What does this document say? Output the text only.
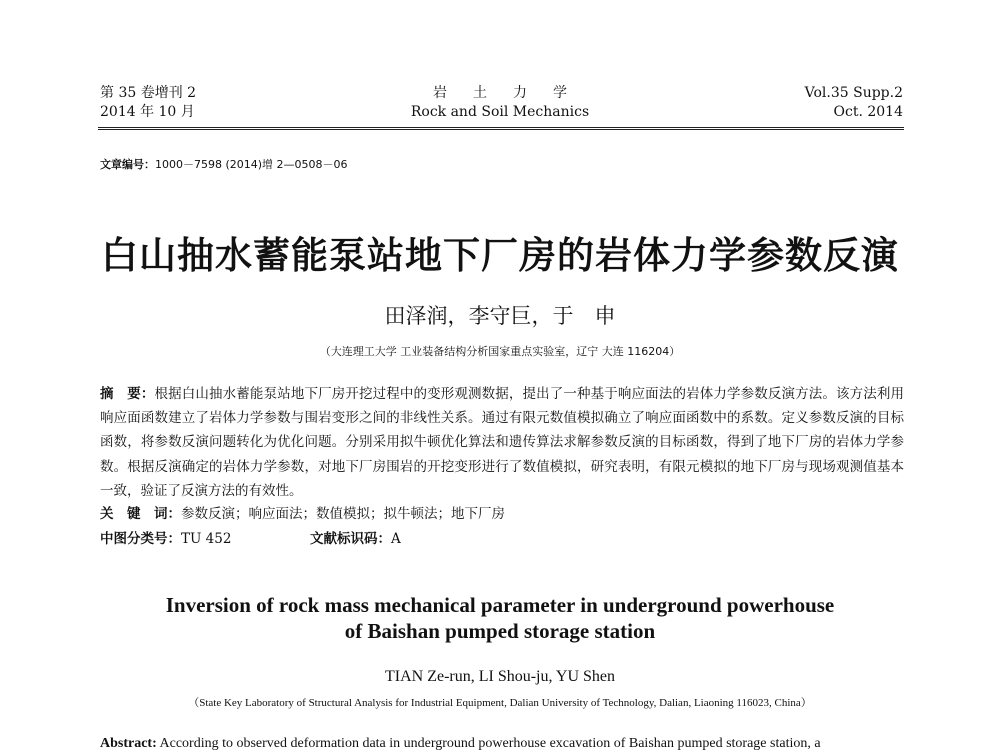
第 35 卷增刊 2
2014 年 10 月
岩土力学
Rock and Soil Mechanics
Vol.35 Supp.2
Oct. 2014
文章编号：1000－7598 (2014)增 2—0508－06
白山抽水蓄能泵站地下厂房的岩体力学参数反演
田泽润，李守巨，于　申
（大连理工大学 工业装备结构分析国家重点实验室，辽宁 大连 116204）
摘　要：根据白山抽水蓄能泵站地下厂房开挖过程中的变形观测数据，提出了一种基于响应面法的岩体力学参数反演方法。该方法利用响应面函数建立了岩体力学参数与围岩变形之间的非线性关系。通过有限元数值模拟确立了响应面函数中的系数。定义参数反演的目标函数，将参数反演问题转化为优化问题。分别采用拟牛顿优化算法和遗传算法求解参数反演的目标函数，得到了地下厂房的岩体力学参数。根据反演确定的岩体力学参数，对地下厂房围岩的开挖变形进行了数值模拟，研究表明，有限元模拟的地下厂房与现场观测值基本一致，验证了反演方法的有效性。
关　键　词：参数反演；响应面法；数值模拟；拟牛顿法；地下厂房
中图分类号：TU 452	文献标识码：A
Inversion of rock mass mechanical parameter in underground powerhouse
of Baishan pumped storage station
TIAN Ze-run, LI Shou-ju, YU Shen
（State Key Laboratory of Structural Analysis for Industrial Equipment, Dalian University of Technology, Dalian, Liaoning 116023, China）
Abstract: According to observed deformation data in underground powerhouse excavation of Baishan pumped storage station, a
